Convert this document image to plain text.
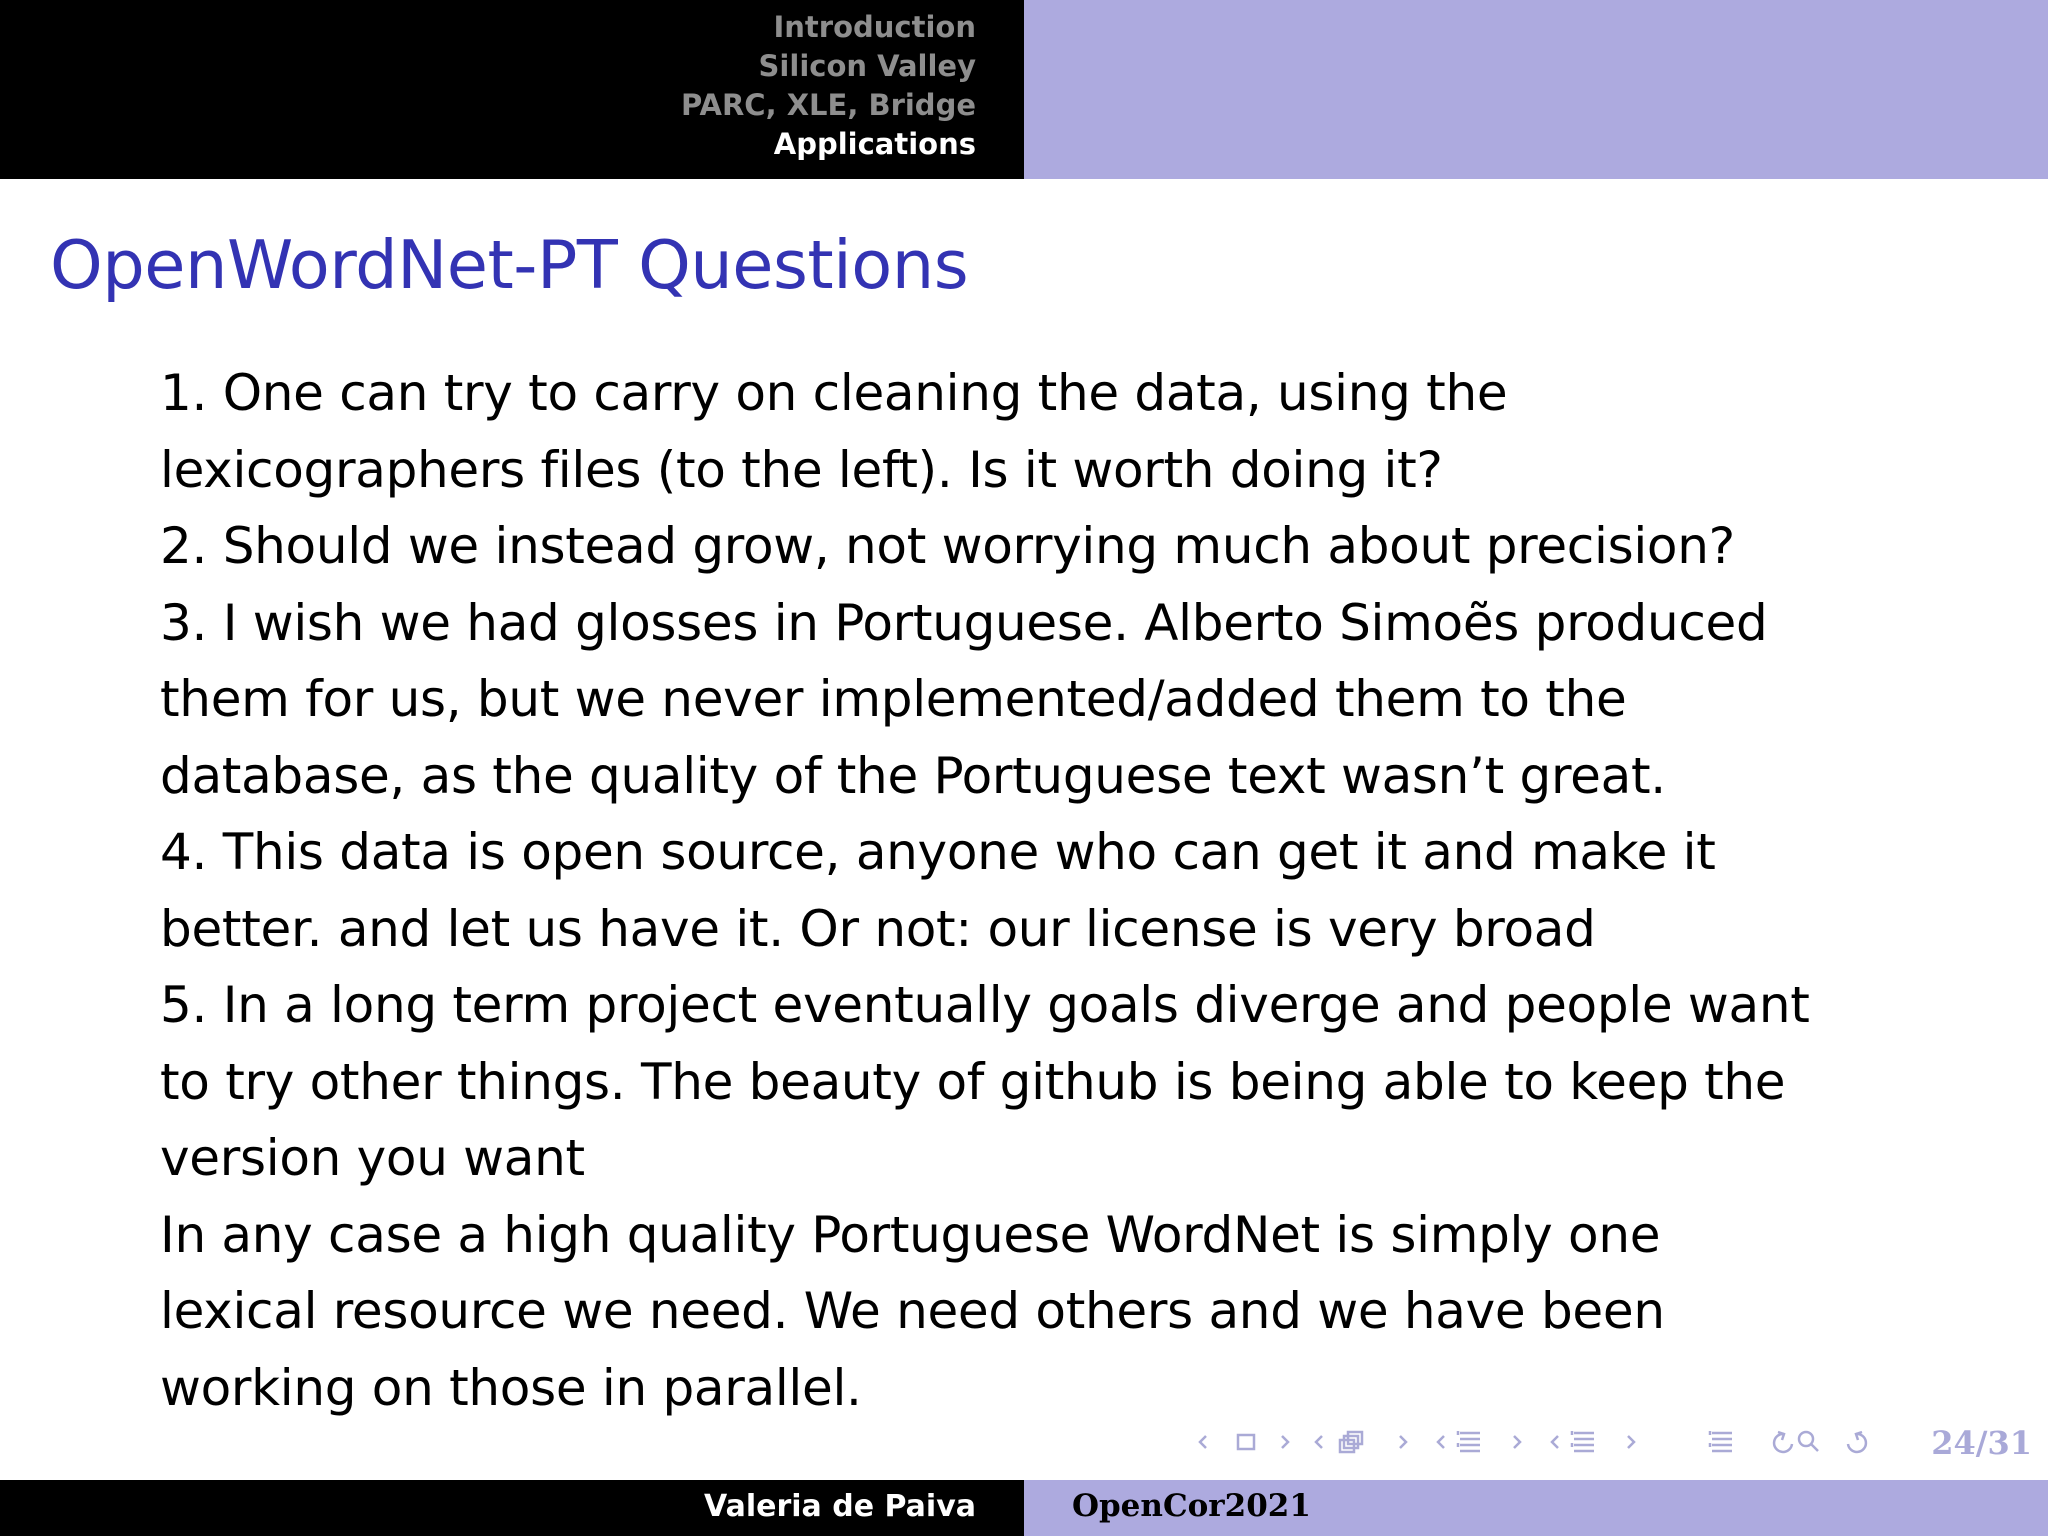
Introduction
Silicon Valley
PARC, XLE, Bridge
Applications
OpenWordNet-PT Questions

1. One can try to carry on cleaning the data, using the

lexicographers files (to the left). Is it worth doing it?

2. Should we instead grow, not worrying much about precision?

3. I wish we had glosses in Portuguese. Alberto Simoẽs produced

them for us, but we never implemented/added them to the

database, as the quality of the Portuguese text wasn’t great.

4. This data is open source, anyone who can get it and make it

better. and let us have it. Or not: our license is very broad

5. In a long term project eventually goals diverge and people want

to try other things. The beauty of github is being able to keep the

version you want

In any case a high quality Portuguese WordNet is simply one

lexical resource we need. We need others and we have been

working on those in parallel.

24/31
Valeria de Paiva	OpenCor2021
